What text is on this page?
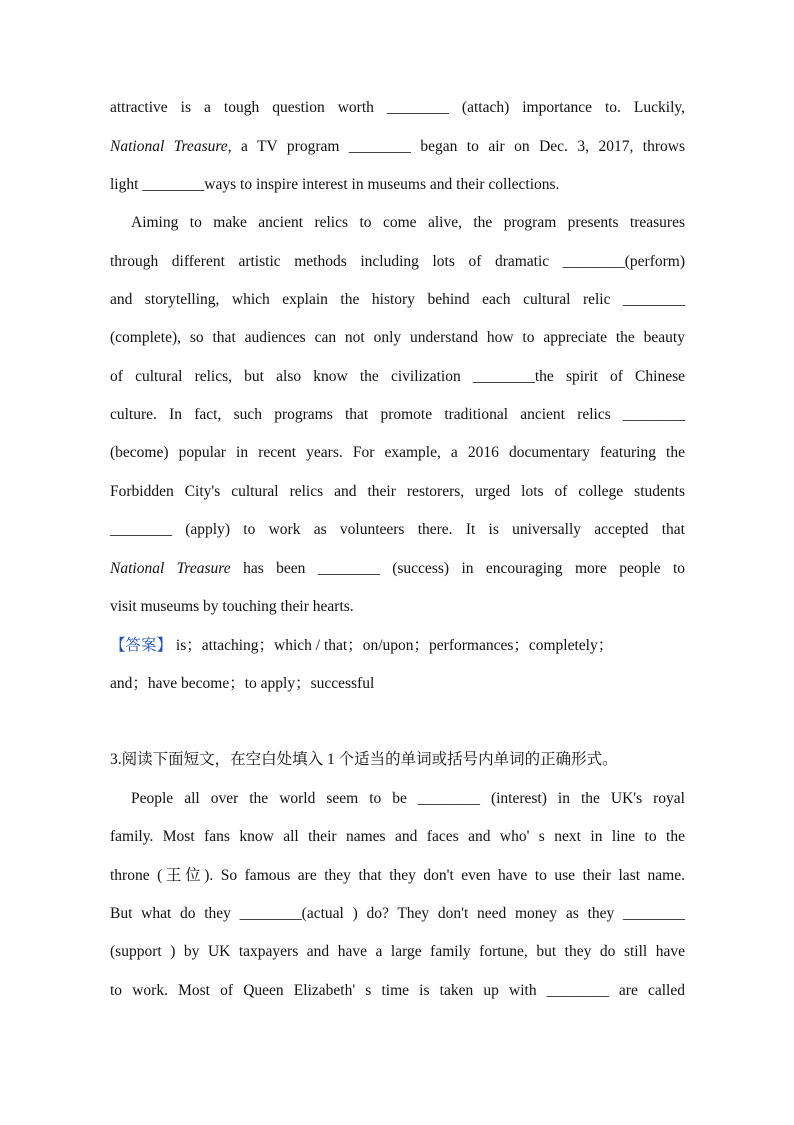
attractive is a tough question worth ________ (attach) importance to. Luckily,
National Treasure, a TV program ________ began to air on Dec. 3, 2017, throws
light ________ways to inspire interest in museums and their collections.
Aiming to make ancient relics to come alive, the program presents treasures
through different artistic methods including lots of dramatic ________(perform)
and storytelling, which explain the history behind each cultural relic ________
(complete), so that audiences can not only understand how to appreciate the beauty
of cultural relics, but also know the civilization ________the spirit of Chinese
culture. In fact, such programs that promote traditional ancient relics ________
(become) popular in recent years. For example, a 2016 documentary featuring the
Forbidden City's cultural relics and their restorers, urged lots of college students
________ (apply) to work as volunteers there. It is universally accepted that
National Treasure has been ________ (success) in encouraging more people to
visit museums by touching their hearts.
【答案】 is；attaching；which / that；on/upon；performances；completely；
and；have become；to apply；successful
3.阅读下面短文，在空白处填入 1 个适当的单词或括号内单词的正确形式。
People all over the world seem to be ________ (interest) in the UK's royal
family. Most fans know all their names and faces and who' s next in line to the
throne (王位). So famous are they that they don't even have to use their last name.
But what do they ________(actual ) do? They don't need money as they ________
(support ) by UK taxpayers and have a large family fortune, but they do still have
to work. Most of Queen Elizabeth' s time is taken up with ________ are called
